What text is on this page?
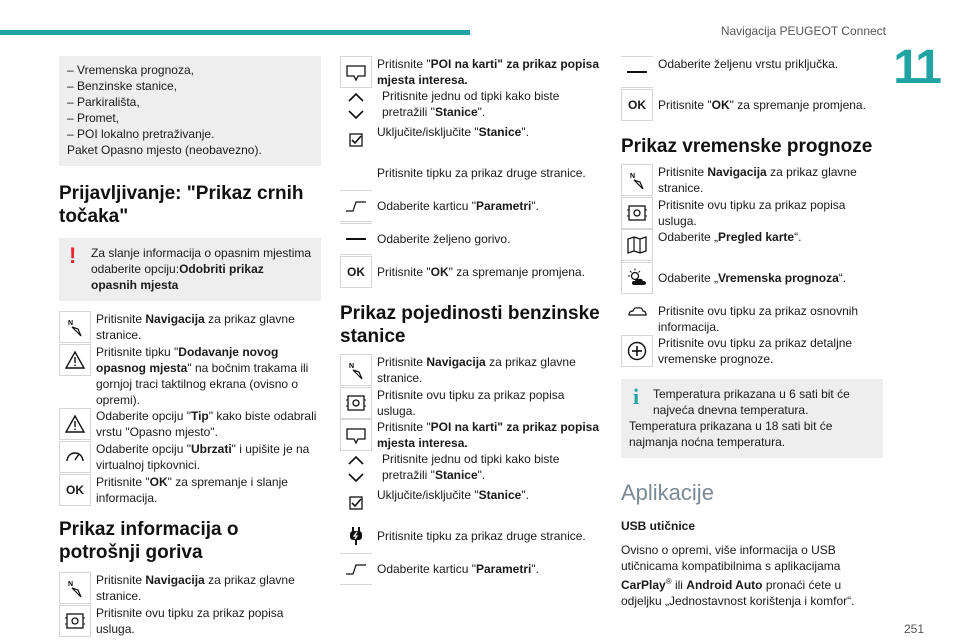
Navigacija PEUGEOT Connect
11
– Vremenska prognoza,
– Benzinske stanice,
– Parkirališta,
– Promet,
– POI lokalno pretraživanje.
Paket Opasno mjesto (neobavezno).
Prijavljivanje: "Prikaz crnih točaka"
!	Za slanje informacija o opasnim mjestima odaberite opciju:Odobriti prikaz opasnih mjesta
N Pritisnite Navigacija za prikaz glavne stranice.
Pritisnite tipku "Dodavanje novog opasnog mjesta" na bočnim trakama ili gornjoj traci taktilnog ekrana (ovisno o opremi).
Odaberite opciju "Tip" kako biste odabrali vrstu "Opasno mjesto".
Odaberite opciju "Ubrzati" i upišite je na virtualnoj tipkovnici.
OK
Pritisnite "OK" za spremanje i slanje informacija.
Prikaz informacija o potrošnji goriva
N Pritisnite Navigacija za prikaz glavne stranice.
Pritisnite ovu tipku za prikaz popisa usluga.
Pritisnite "POI na karti" za prikaz popisa mjesta interesa.
Pritisnite jednu od tipki kako biste pretražili "Stanice".
Uključite/isključite "Stanice".
Pritisnite tipku za prikaz druge stranice.
Odaberite karticu "Parametri".
Odaberite željeno gorivo.
OK	Pritisnite "OK" za spremanje promjena.
Prikaz pojedinosti benzinske stanice
N Pritisnite Navigacija za prikaz glavne stranice.
Pritisnite ovu tipku za prikaz popisa usluga.
Pritisnite "POI na karti" za prikaz popisa mjesta interesa.
Pritisnite jednu od tipki kako biste pretražili "Stanice".
Uključite/isključite "Stanice".
Pritisnite tipku za prikaz druge stranice.
Odaberite karticu "Parametri".
Odaberite željenu vrstu priključka.
OK	Pritisnite "OK" za spremanje promjena.
Prikaz vremenske prognoze
N Pritisnite Navigacija za prikaz glavne stranice.
Pritisnite ovu tipku za prikaz popisa usluga.
Odaberite „Pregled karte“.
Odaberite „Vremenska prognoza“.
Pritisnite ovu tipku za prikaz osnovnih informacija.
Pritisnite ovu tipku za prikaz detaljne vremenske prognoze.
i	Temperatura prikazana u 6 sati bit će najveća dnevna temperatura.
Temperatura prikazana u 18 sati bit će najmanja noćna temperatura.
Aplikacije
USB utičnice
Ovisno o opremi, više informacija o USB utičnicama kompatibilnima s aplikacijama CarPlay® ili Android Auto pronaći ćete u odjeljku „Jednostavnost korištenja i komfor“.
251
